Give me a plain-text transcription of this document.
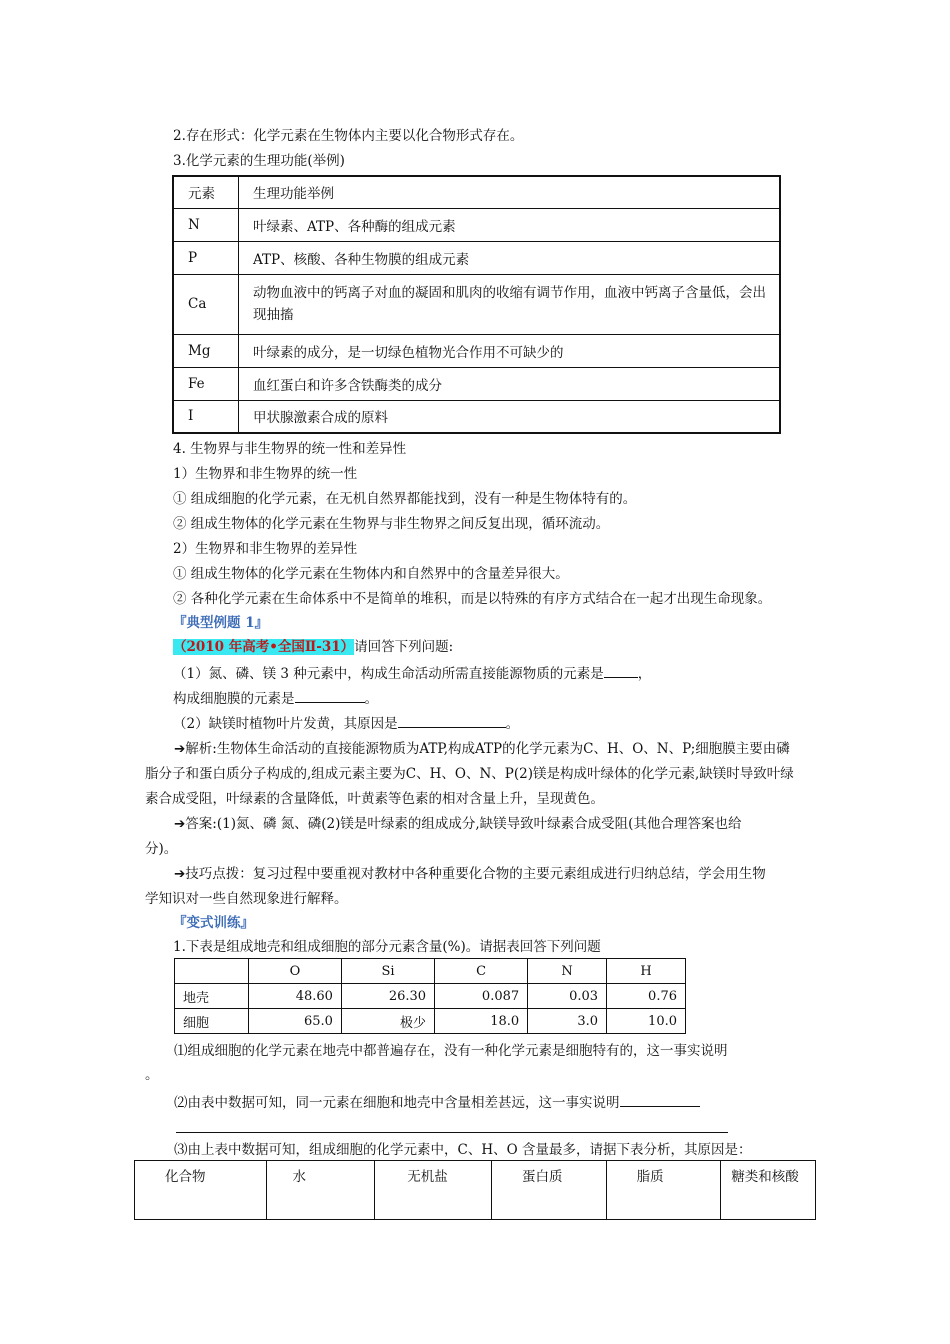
2.存在形式：化学元素在生物体内主要以化合物形式存在。
3.化学元素的生理功能(举例)
元素	生理功能举例
N	叶绿素、ATP、各种酶的组成元素
P	ATP、核酸、各种生物膜的组成元素
Ca	动物血液中的钙离子对血的凝固和肌肉的收缩有调节作用，血液中钙离子含量低，会出现抽搐
Mg	叶绿素的成分，是一切绿色植物光合作用不可缺少的
Fe	血红蛋白和许多含铁酶类的成分
I	甲状腺激素合成的原料
4. 生物界与非生物界的统一性和差异性
1）生物界和非生物界的统一性
① 组成细胞的化学元素，在无机自然界都能找到，没有一种是生物体特有的。
② 组成生物体的化学元素在生物界与非生物界之间反复出现，循环流动。
2）生物界和非生物界的差异性
① 组成生物体的化学元素在生物体内和自然界中的含量差异很大。
② 各种化学元素在生命体系中不是简单的堆积，而是以特殊的有序方式结合在一起才出现生命现象。
『典型例题 1』
（2010 年高考•全国Ⅱ-31）请回答下列问题:
（1）氮、磷、镁 3 种元素中，构成生命活动所需直接能源物质的元素是	，
构成细胞膜的元素是	。
（2）缺镁时植物叶片发黄，其原因是	。
➔解析:生物体生命活动的直接能源物质为ATP,构成ATP的化学元素为C、H、O、N、P;细胞膜主要由磷
脂分子和蛋白质分子构成的,组成元素主要为C、H、O、N、P(2)镁是构成叶绿体的化学元素,缺镁时导致叶绿
素合成受阻，叶绿素的含量降低，叶黄素等色素的相对含量上升，呈现黄色。
➔答案:(1)氮、磷 氮、磷(2)镁是叶绿素的组成成分,缺镁导致叶绿素合成受阻(其他合理答案也给
分)。
➔技巧点拨：复习过程中要重视对教材中各种重要化合物的主要元素组成进行归纳总结，学会用生物
学知识对一些自然现象进行解释。
『变式训练』
1.下表是组成地壳和组成细胞的部分元素含量(%)。请据表回答下列问题
	O	Si	C	N	H
地壳	48.60	26.30	0.087	0.03	0.76
细胞	65.0	极少	18.0	3.0	10.0
⑴组成细胞的化学元素在地壳中都普遍存在，没有一种化学元素是细胞特有的，这一事实说明
。
⑵由表中数据可知，同一元素在细胞和地壳中含量相差甚远，这一事实说明
⑶由上表中数据可知，组成细胞的化学元素中，C、H、O 含量最多，请据下表分析，其原因是：
化合物	水	无机盐	蛋白质	脂质	糖类和核酸
